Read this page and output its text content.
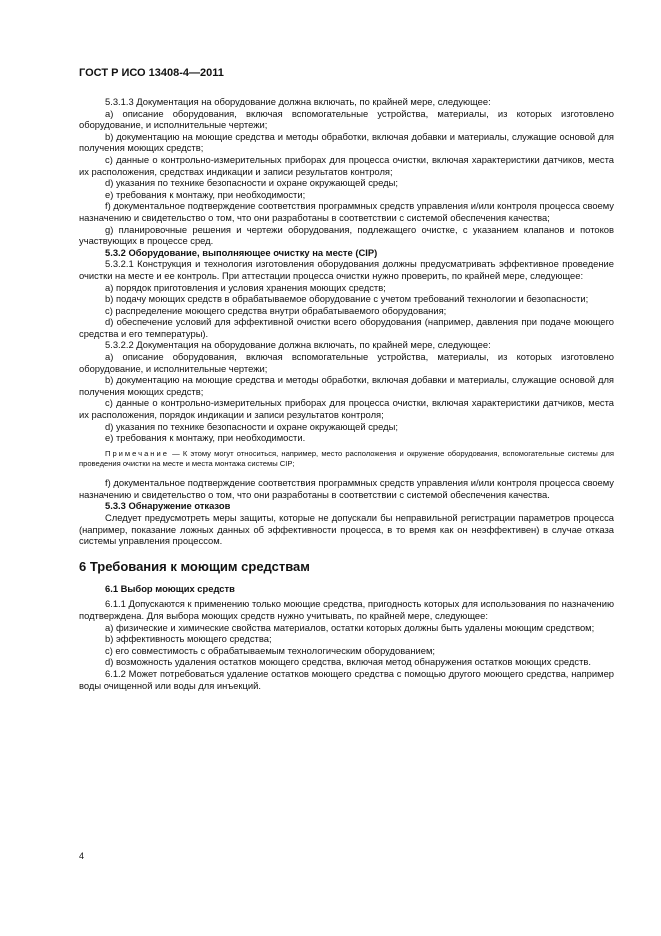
ГОСТ Р ИСО 13408-4—2011

5.3.1.3 Документация на оборудование должна включать, по крайней мере, следующее:

a) описание оборудования, включая вспомогательные устройства, материалы, из которых изготовлено оборудование, и исполнительные чертежи;

b) документацию на моющие средства и методы обработки, включая добавки и материалы, служащие основой для получения моющих средств;

c) данные о контрольно-измерительных приборах для процесса очистки, включая характеристики датчиков, места их расположения, средствах индикации и записи результатов контроля;

d) указания по технике безопасности и охране окружающей среды;

e) требования к монтажу, при необходимости;

f) документальное подтверждение соответствия программных средств управления и/или контроля процесса своему назначению и свидетельство о том, что они разработаны в соответствии с системой обеспечения качества;

g) планировочные решения и чертежи оборудования, подлежащего очистке, с указанием клапанов и потоков участвующих в процессе сред.

5.3.2 Оборудование, выполняющее очистку на месте (CIP)

5.3.2.1 Конструкция и технология изготовления оборудования должны предусматривать эффективное проведение очистки на месте и ее контроль. При аттестации процесса очистки нужно проверить, по крайней мере, следующее:

a) порядок приготовления и условия хранения моющих средств;

b) подачу моющих средств в обрабатываемое оборудование с учетом требований технологии и безопасности;

c) распределение моющего средства внутри обрабатываемого оборудования;

d) обеспечение условий для эффективной очистки всего оборудования (например, давления при подаче моющего средства и его температуры).

5.3.2.2 Документация на оборудование должна включать, по крайней мере, следующее:

a) описание оборудования, включая вспомогательные устройства, материалы, из которых изготовлено оборудование, и исполнительные чертежи;

b) документацию на моющие средства и методы обработки, включая добавки и материалы, служащие основой для получения моющих средств;

c) данные о контрольно-измерительных приборах для процесса очистки, включая характеристики датчиков, места их расположения, порядок индикации и записи результатов контроля;

d) указания по технике безопасности и охране окружающей среды;

e) требования к монтажу, при необходимости.

Примечание — К этому могут относиться, например, место расположения и окружение оборудования, вспомогательные системы для проведения очистки на месте и места монтажа системы CIP;

f) документальное подтверждение соответствия программных средств управления и/или контроля процесса своему назначению и свидетельство о том, что они разработаны в соответствии с системой обеспечения качества.

5.3.3 Обнаружение отказов

Следует предусмотреть меры защиты, которые не допускали бы неправильной регистрации параметров процесса (например, показание ложных данных об эффективности процесса, в то время как он неэффективен) в случае отказа системы управления процессом.

6 Требования к моющим средствам

6.1 Выбор моющих средств

6.1.1 Допускаются к применению только моющие средства, пригодность которых для использования по назначению подтверждена. Для выбора моющих средств нужно учитывать, по крайней мере, следующее:

a) физические и химические свойства материалов, остатки которых должны быть удалены моющим средством;

b) эффективность моющего средства;

c) его совместимость с обрабатываемым технологическим оборудованием;

d) возможность удаления остатков моющего средства, включая метод обнаружения остатков моющих средств.

6.1.2 Может потребоваться удаление остатков моющего средства с помощью другого моющего средства, например воды очищенной или воды для инъекций.

4
